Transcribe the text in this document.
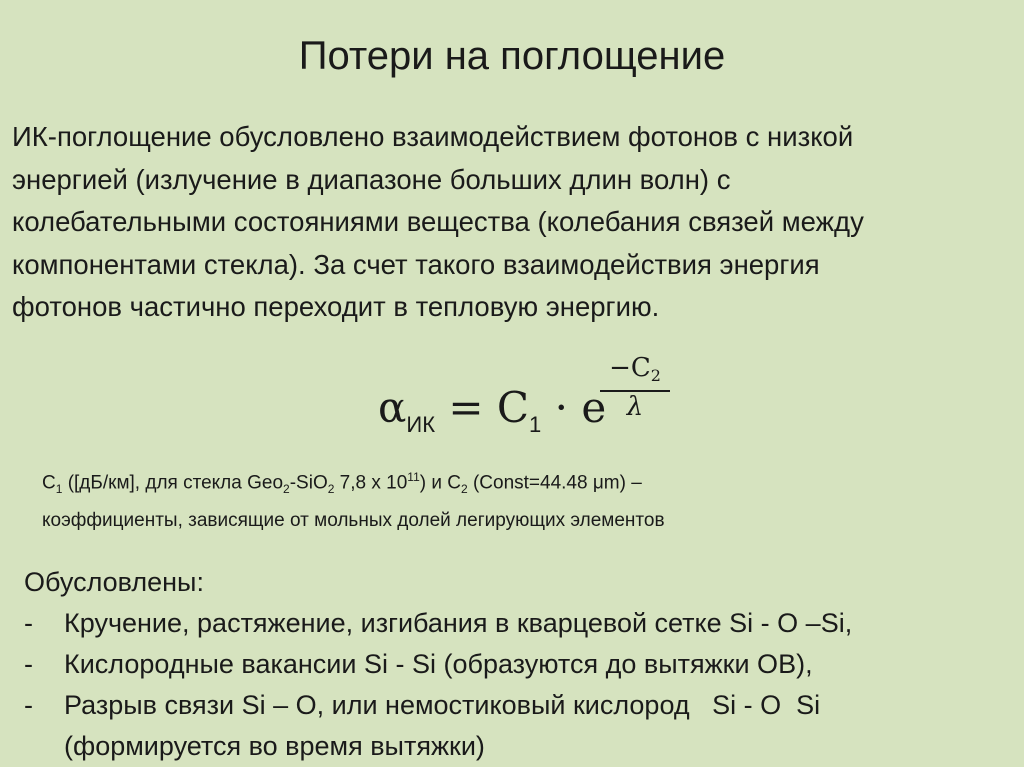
Потери на поглощение
ИК-поглощение обусловлено взаимодействием фотонов с низкой
энергией (излучение в диапазоне больших длин волн) с
колебательными состояниями вещества (колебания связей между
компонентами стекла). За счет такого взаимодействия энергия
фотонов частично переходит в тепловую энергию.
$\alpha_{ИК} = C_1 \cdot e$
$\frac{-C_2}{\lambda}$
$C_1$ ([дБ/км], для стекла Geo$_2$-SiO$_2$ 7,8 x $10^{11}$) и $C_2$ (Const=44.48 μm) –
коэффициенты, зависящие от мольных долей легирующих элементов
Обусловлены:
- Кручение, растяжение, изгибания в кварцевой сетке Si - O –Si,
- Кислородные вакансии Si - Si (образуются до вытяжки ОВ),
- Разрыв связи Si – O, или немостиковый кислород   Si - O  Si
(формируется во время вытяжки)
